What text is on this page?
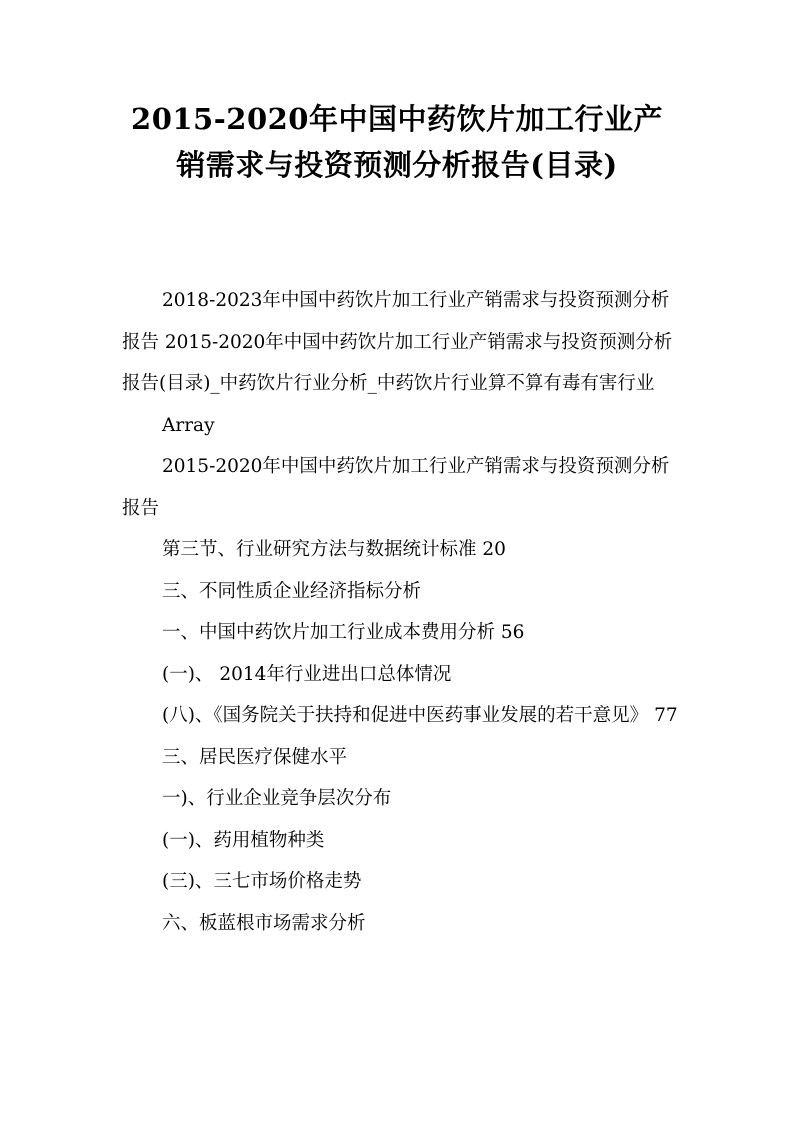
2015-2020年中国中药饮片加工行业产
销需求与投资预测分析报告(目录)

2018-2023年中国中药饮片加工行业产销需求与投资预测分析报告 2015-2020年中国中药饮片加工行业产销需求与投资预测分析报告(目录)_中药饮片行业分析_中药饮片行业算不算有毒有害行业

Array

2015-2020年中国中药饮片加工行业产销需求与投资预测分析报告

第三节、行业研究方法与数据统计标准 20

三、不同性质企业经济指标分析

一、中国中药饮片加工行业成本费用分析 56

(一)、 2014年行业进出口总体情况

(八)、《国务院关于扶持和促进中医药事业发展的若干意见》 77

三、居民医疗保健水平

一)、行业企业竞争层次分布

(一)、药用植物种类

(三)、三七市场价格走势

六、板蓝根市场需求分析
